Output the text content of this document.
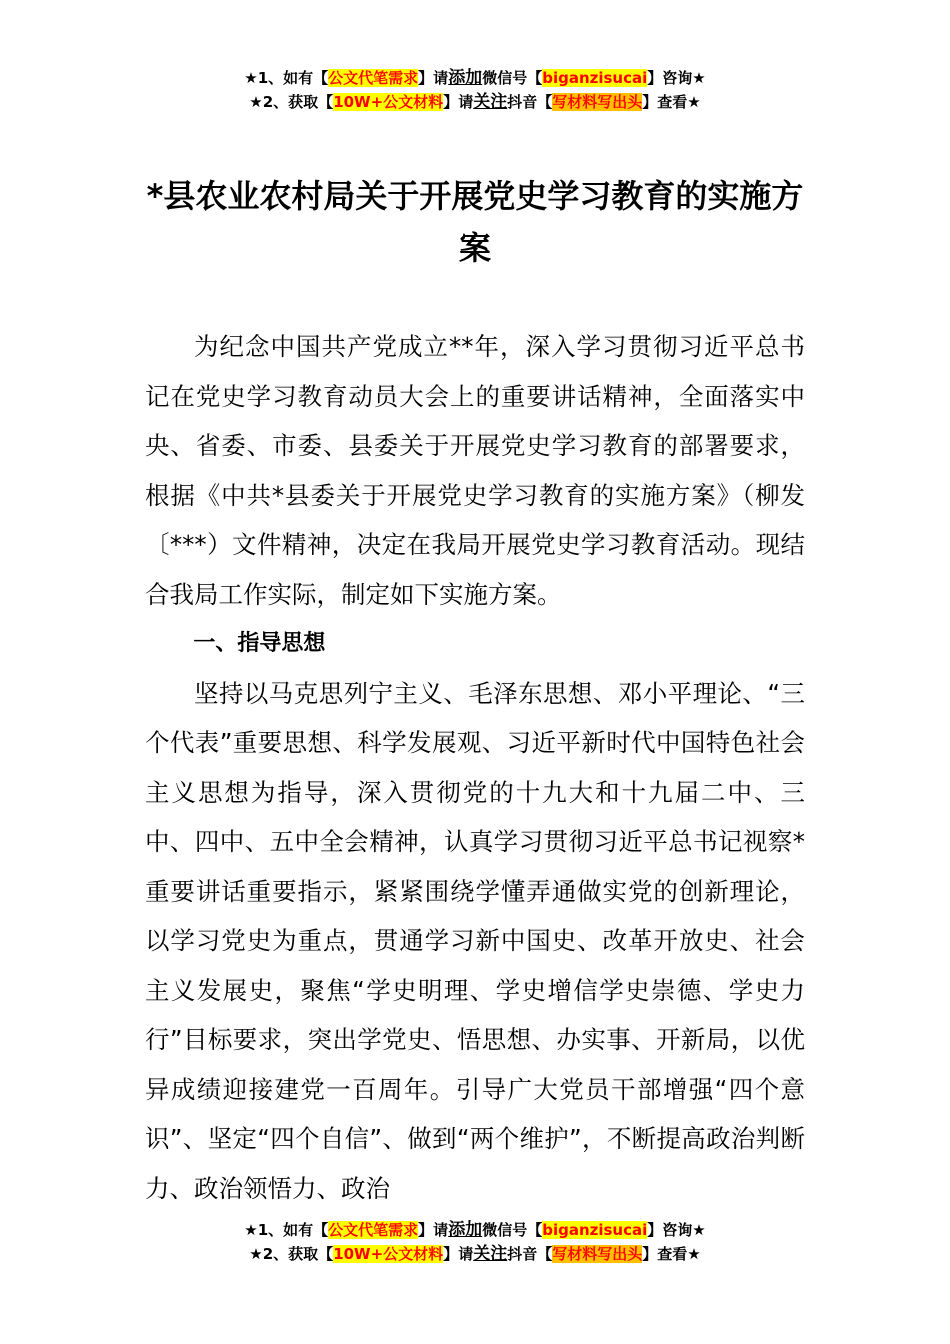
★1、如有【公文代笔需求】请添加微信号【biganzisucai】咨询★
★2、获取【10W+公文材料】请关注抖音【写材料写出头】查看★
*县农业农村局关于开展党史学习教育的实施方案

为纪念中国共产党成立**年，深入学习贯彻习近平总书记在党史学习教育动员大会上的重要讲话精神，全面落实中央、省委、市委、县委关于开展党史学习教育的部署要求，根据《中共*县委关于开展党史学习教育的实施方案》（柳发〔***）文件精神，决定在我局开展党史学习教育活动。现结合我局工作实际，制定如下实施方案。

一、指导思想

坚持以马克思列宁主义、毛泽东思想、邓小平理论、“三个代表”重要思想、科学发展观、习近平新时代中国特色社会主义思想为指导，深入贯彻党的十九大和十九届二中、三中、四中、五中全会精神，认真学习贯彻习近平总书记视察*重要讲话重要指示，紧紧围绕学懂弄通做实党的创新理论，以学习党史为重点，贯通学习新中国史、改革开放史、社会主义发展史，聚焦“学史明理、学史增信学史崇德、学史力行”目标要求，突出学党史、悟思想、办实事、开新局，以优异成绩迎接建党一百周年。引导广大党员干部增强“四个意识”、坚定“四个自信”、做到“两个维护”，不断提高政治判断力、政治领悟力、政治

★1、如有【公文代笔需求】请添加微信号【biganzisucai】咨询★
★2、获取【10W+公文材料】请关注抖音【写材料写出头】查看★
